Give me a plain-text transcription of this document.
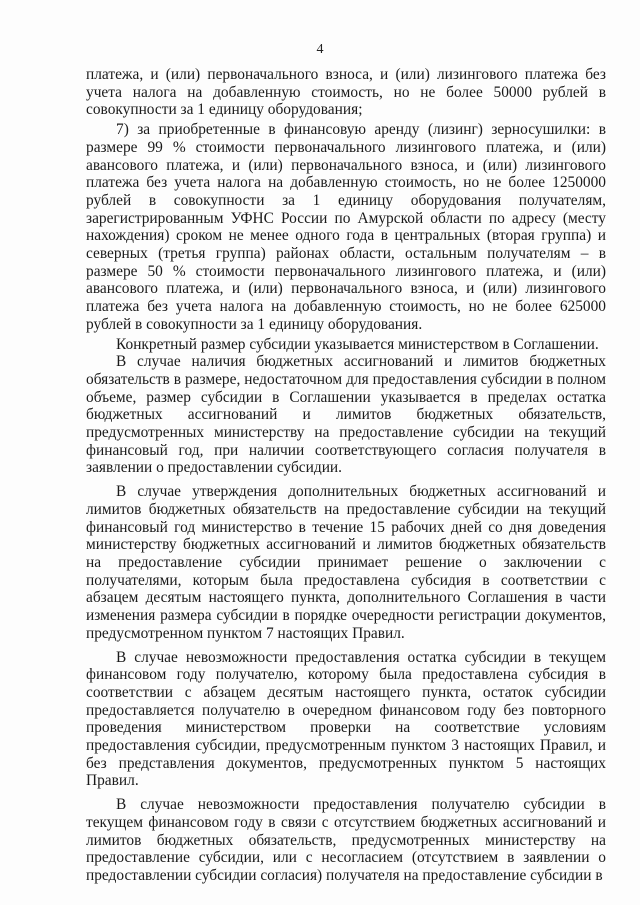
4

платежа, и (или) первоначального взноса, и (или) лизингового платежа без учета налога на добавленную стоимость, но не более 50000 рублей в совокупности за 1 единицу оборудования;

7) за приобретенные в финансовую аренду (лизинг) зерносушилки: в размере 99 % стоимости первоначального лизингового платежа, и (или) авансового платежа, и (или) первоначального взноса, и (или) лизингового платежа без учета налога на добавленную стоимость, но не более 1250000 рублей в совокупности за 1 единицу оборудования получателям, зарегистрированным УФНС России по Амурской области по адресу (месту нахождения) сроком не менее одного года в центральных (вторая группа) и северных (третья группа) районах области, остальным получателям – в размере 50 % стоимости первоначального лизингового платежа, и (или) авансового платежа, и (или) первоначального взноса, и (или) лизингового платежа без учета налога на добавленную стоимость, но не более 625000 рублей в совокупности за 1 единицу оборудования.

Конкретный размер субсидии указывается министерством в Соглашении.

В случае наличия бюджетных ассигнований и лимитов бюджетных обязательств в размере, недостаточном для предоставления субсидии в полном объеме, размер субсидии в Соглашении указывается в пределах остатка бюджетных ассигнований и лимитов бюджетных обязательств, предусмотренных министерству на предоставление субсидии на текущий финансовый год, при наличии соответствующего согласия получателя в заявлении о предоставлении субсидии.

В случае утверждения дополнительных бюджетных ассигнований и лимитов бюджетных обязательств на предоставление субсидии на текущий финансовый год министерство в течение 15 рабочих дней со дня доведения министерству бюджетных ассигнований и лимитов бюджетных обязательств на предоставление субсидии принимает решение о заключении с получателями, которым была предоставлена субсидия в соответствии с абзацем десятым настоящего пункта, дополнительного Соглашения в части изменения размера субсидии в порядке очередности регистрации документов, предусмотренном пунктом 7 настоящих Правил.

В случае невозможности предоставления остатка субсидии в текущем финансовом году получателю, которому была предоставлена субсидия в соответствии с абзацем десятым настоящего пункта, остаток субсидии предоставляется получателю в очередном финансовом году без повторного проведения министерством проверки на соответствие условиям предоставления субсидии, предусмотренным пунктом 3 настоящих Правил, и без представления документов, предусмотренных пунктом 5 настоящих Правил.

В случае невозможности предоставления получателю субсидии в текущем финансовом году в связи с отсутствием бюджетных ассигнований и лимитов бюджетных обязательств, предусмотренных министерству на предоставление субсидии, или с несогласием (отсутствием в заявлении о предоставлении субсидии согласия) получателя на предоставление субсидии в
